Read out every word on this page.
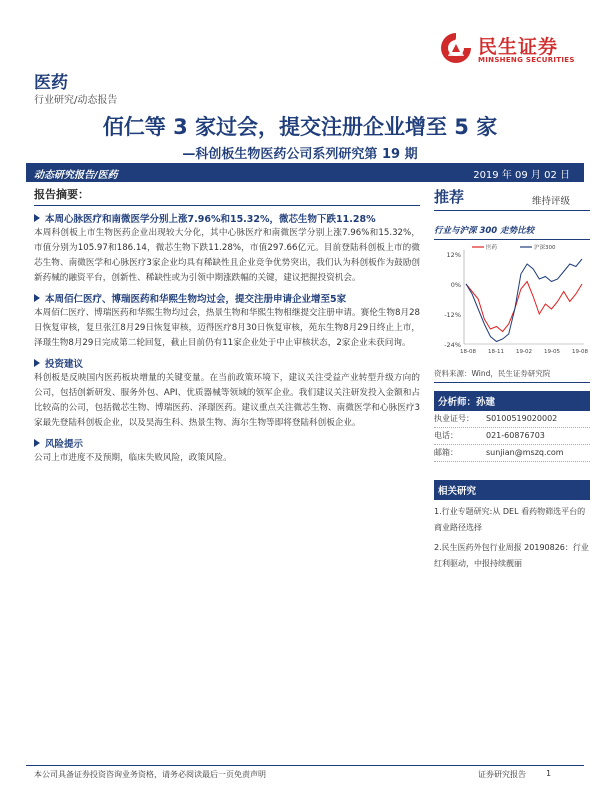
民生证券
MINSHENG SECURITIES
医药
行业研究/动态报告
佰仁等 3 家过会，提交注册企业增至 5 家
—科创板生物医药公司系列研究第 19 期
动态研究报告/医药	2019 年 09 月 02 日
报告摘要：
本周心脉医疗和南微医学分别上涨7.96%和15.32%，微芯生物下跌11.28%
本周科创板上市生物医药企业出现较大分化，其中心脉医疗和南微医学分别上涨7.96%和15.32%，市值分别为105.97和186.14，微芯生物下跌11.28%，市值297.66亿元。目前登陆科创板上市的微芯生物、南微医学和心脉医疗3家企业均具有稀缺性且企业竞争优势突出，我们认为科创板作为鼓励创新药械的融资平台，创新性、稀缺性或为引领中期涨跌幅的关键，建议把握投资机会。
本周佰仁医疗、博瑞医药和华熙生物均过会，提交注册申请企业增至5家
本周佰仁医疗、博瑞医药和华熙生物均过会，热景生物和华熙生物相继提交注册申请。赛伦生物8月28日恢复审核，复旦张江8月29日恢复审核，迈得医疗8月30日恢复审核，苑东生物8月29日终止上市，泽璟生物8月29日完成第二轮回复，截止目前仍有11家企业处于中止审核状态，2家企业未获问询。
投资建议
科创板是反映国内医药板块增量的关键变量。在当前政策环境下，建议关注受益产业转型升级方向的公司，包括创新研发、服务外包、API、优质器械等领域的领军企业。我们建议关注研发投入金额和占比较高的公司，包括微芯生物、博瑞医药、泽璟医药。建议重点关注微芯生物、南微医学和心脉医疗3家最先登陆科创板企业，以及昊海生科、热景生物、海尔生物等即将登陆科创板企业。
风险提示
公司上市进度不及预期，临床失败风险，政策风险。
推荐	维持评级
行业与沪深 300 走势比较
12%
0%
-12%
-24%
18-08 18-11 19-02 19-05 19-08
医药	沪深300
资料来源：Wind，民生证券研究院
分析师：孙建
执业证号：	S0100519020002
电话：	021-60876703
邮箱：	sunjian@mszq.com
相关研究
1.行业专题研究:从 DEL 看药物筛选平台的商业路径选择
2.民生医药外包行业周报 20190826：行业红利驱动，中报持续靓丽
本公司具备证券投资咨询业务资格，请务必阅读最后一页免责声明	证券研究报告	1
